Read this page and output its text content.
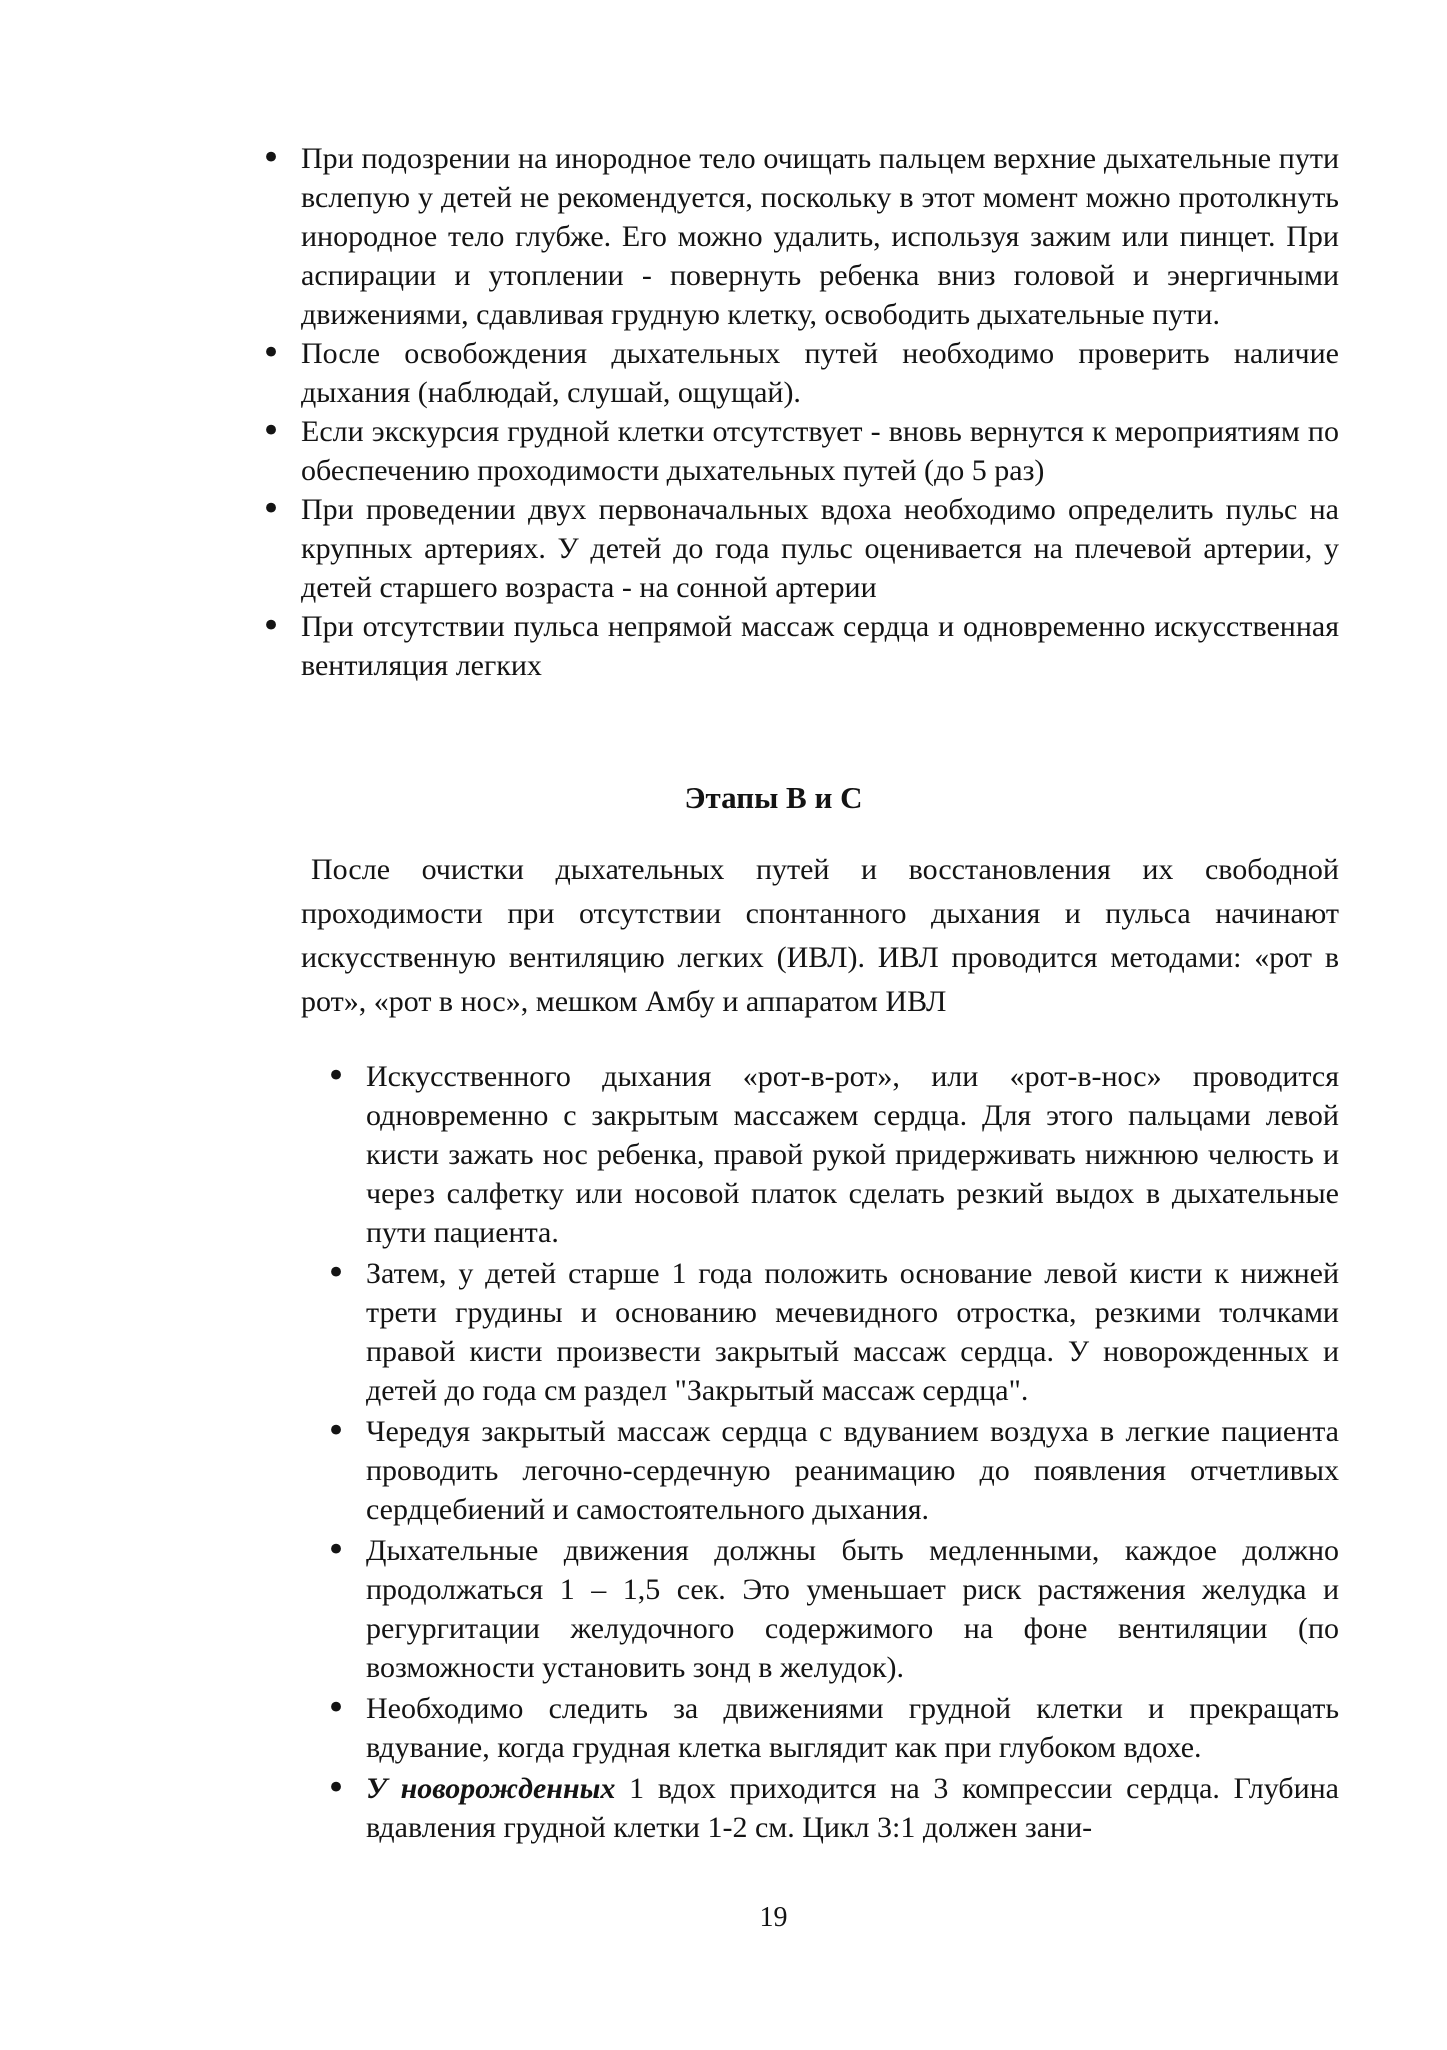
• При подозрении на инородное тело очищать пальцем верхние дыхательные пути вслепую у детей не рекомендуется, поскольку в этот момент можно протолкнуть инородное тело глубже. Его можно удалить, используя зажим или пинцет. При аспирации и утоплении - повернуть ребенка вниз головой и энергичными движениями, сдавливая грудную клетку, освободить дыхательные пути.
• После освобождения дыхательных путей необходимо проверить наличие дыхания (наблюдай, слушай, ощущай).
• Если экскурсия грудной клетки отсутствует - вновь вернутся к мероприятиям по обеспечению проходимости дыхательных путей (до 5 раз)
• При проведении двух первоначальных вдоха необходимо определить пульс на крупных артериях. У детей до года пульс оценивается на плечевой артерии, у детей старшего возраста - на сонной артерии
• При отсутствии пульса непрямой массаж сердца и одновременно искусственная вентиляция легких
Этапы В и С

После очистки дыхательных путей и восстановления их свободной проходимости при отсутствии спонтанного дыхания и пульса начинают искусственную вентиляцию легких (ИВЛ). ИВЛ проводится методами: «рот в рот», «рот в нос», мешком Амбу и аппаратом ИВЛ

• Искусственного дыхания «рот-в-рот», или «рот-в-нос» проводится одновременно с закрытым массажем сердца. Для этого пальцами левой кисти зажать нос ребенка, правой рукой придерживать нижнюю челюсть и через салфетку или носовой платок сделать резкий выдох в дыхательные пути пациента.
• Затем, у детей старше 1 года положить основание левой кисти к нижней трети грудины и основанию мечевидного отростка, резкими толчками правой кисти произвести закрытый массаж сердца. У новорожденных и детей до года см раздел "Закрытый массаж сердца".
• Чередуя закрытый массаж сердца с вдуванием воздуха в легкие пациента проводить легочно-сердечную реанимацию до появления отчетливых сердцебиений и самостоятельного дыхания.
• Дыхательные движения должны быть медленными, каждое должно продолжаться 1 – 1,5 сек. Это уменьшает риск растяжения желудка и регургитации желудочного содержимого на фоне вентиляции (по возможности установить зонд в желудок).
• Необходимо следить за движениями грудной клетки и прекращать вдувание, когда грудная клетка выглядит как при глубоком вдохе.
• У новорожденных 1 вдох приходится на 3 компрессии сердца. Глубина вдавления грудной клетки 1-2 см. Цикл 3:1 должен зани-
19
